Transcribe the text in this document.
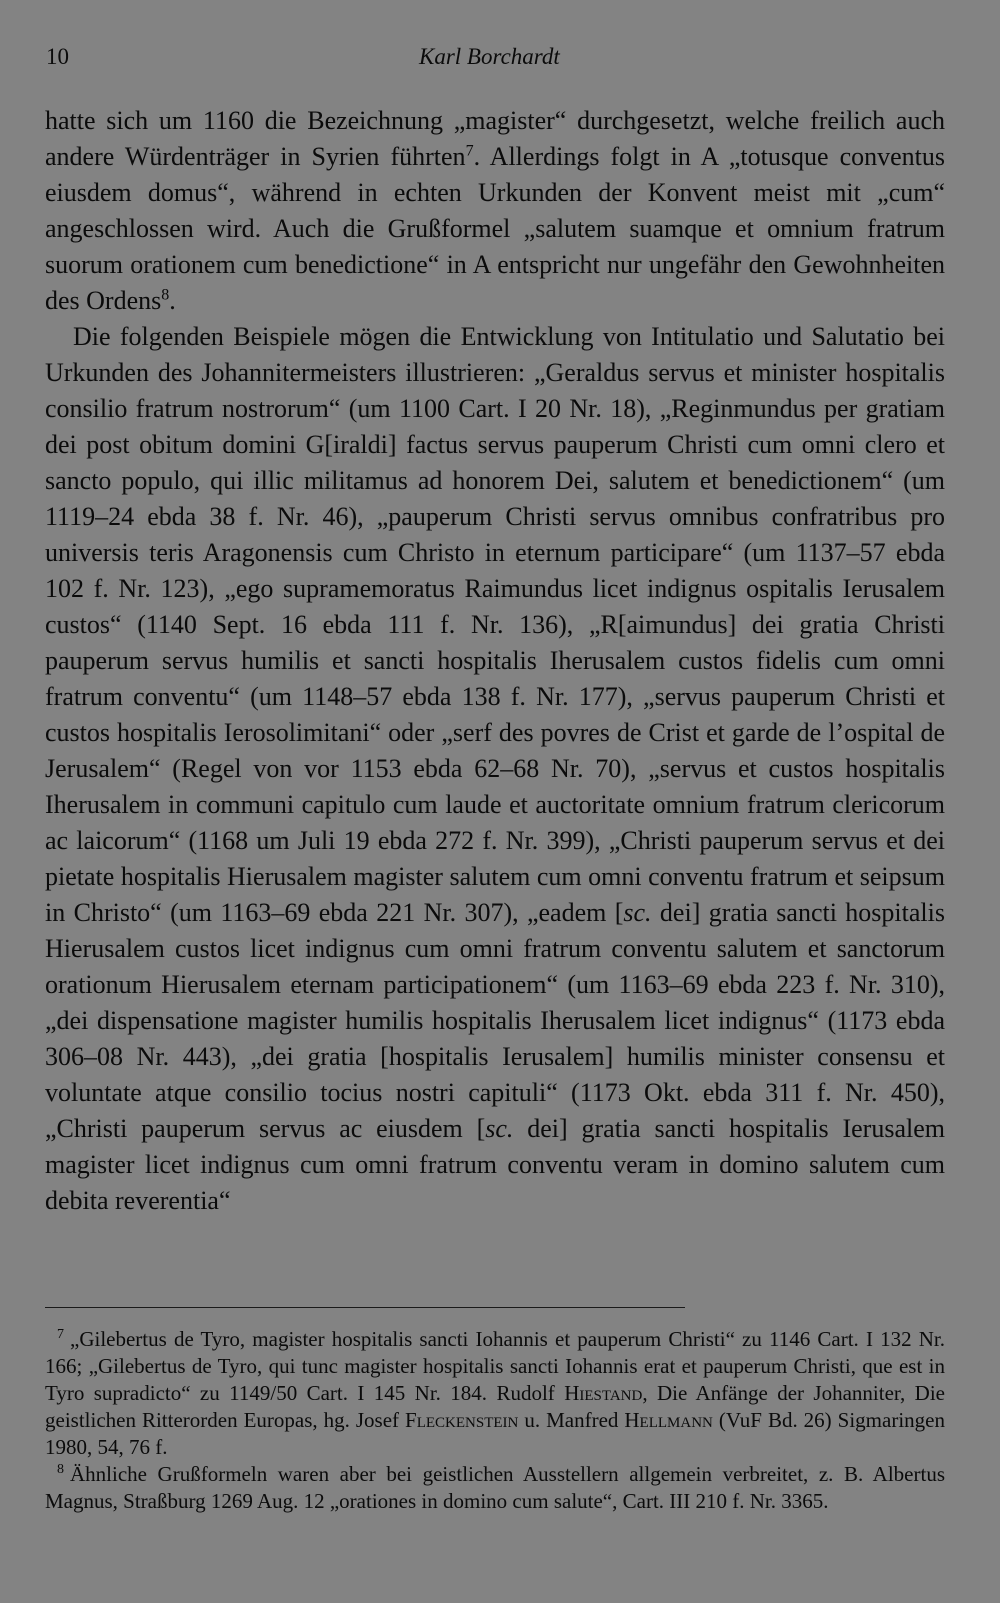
10	Karl Borchardt

hatte sich um 1160 die Bezeichnung „magister“ durchgesetzt, welche freilich auch andere Würdenträger in Syrien führten$^7$. Allerdings folgt in A „totusque conventus eiusdem domus“, während in echten Urkunden der Konvent meist mit „cum“ angeschlossen wird. Auch die Grußformel „salutem suamque et omnium fratrum suorum orationem cum benedictione“ in A entspricht nur ungefähr den Gewohnheiten des Ordens$^8$.

Die folgenden Beispiele mögen die Entwicklung von Intitulatio und Salutatio bei Urkunden des Johannitermeisters illustrieren: „Geraldus servus et minister hospitalis consilio fratrum nostrorum“ (um 1100 Cart. I 20 Nr. 18), „Reginmundus per gratiam dei post obitum domini G[iraldi] factus servus pauperum Christi cum omni clero et sancto populo, qui illic militamus ad honorem Dei, salutem et benedictionem“ (um 1119–24 ebda 38 f. Nr. 46), „pauperum Christi servus omnibus confratribus pro universis teris Aragonensis cum Christo in eternum participare“ (um 1137–57 ebda 102 f. Nr. 123), „ego supramemoratus Raimundus licet indignus ospitalis Ierusalem custos“ (1140 Sept. 16 ebda 111 f. Nr. 136), „R[aimundus] dei gratia Christi pauperum servus humilis et sancti hospitalis Iherusalem custos fidelis cum omni fratrum conventu“ (um 1148–57 ebda 138 f. Nr. 177), „servus pauperum Christi et custos hospitalis Ierosolimitani“ oder „serf des povres de Crist et garde de l’ospital de Jerusalem“ (Regel von vor 1153 ebda 62–68 Nr. 70), „servus et custos hospitalis Iherusalem in communi capitulo cum laude et auctoritate omnium fratrum clericorum ac laicorum“ (1168 um Juli 19 ebda 272 f. Nr. 399), „Christi pauperum servus et dei pietate hospitalis Hierusalem magister salutem cum omni conventu fratrum et seipsum in Christo“ (um 1163–69 ebda 221 Nr. 307), „eadem [sc. dei] gratia sancti hospitalis Hierusalem custos licet indignus cum omni fratrum conventu salutem et sanctorum orationum Hierusalem eternam participationem“ (um 1163–69 ebda 223 f. Nr. 310), „dei dispensatione magister humilis hospitalis Iherusalem licet indignus“ (1173 ebda 306–08 Nr. 443), „dei gratia [hospitalis Ierusalem] humilis minister consensu et voluntate atque consilio tocius nostri capituli“ (1173 Okt. ebda 311 f. Nr. 450), „Christi pauperum servus ac eiusdem [sc. dei] gratia sancti hospitalis Ierusalem magister licet indignus cum omni fratrum conventu veram in domino salutem cum debita reverentia“

$^7$ „Gilebertus de Tyro, magister hospitalis sancti Iohannis et pauperum Christi“ zu 1146 Cart. I 132 Nr. 166; „Gilebertus de Tyro, qui tunc magister hospitalis sancti Iohannis erat et pauperum Christi, que est in Tyro supradicto“ zu 1149/50 Cart. I 145 Nr. 184. Rudolf Hiestand, Die Anfänge der Johanniter, Die geistlichen Ritterorden Europas, hg. Josef Fleckenstein u. Manfred Hellmann (VuF Bd. 26) Sigmaringen 1980, 54, 76 f.

$^8$ Ähnliche Grußformeln waren aber bei geistlichen Ausstellern allgemein verbreitet, z. B. Albertus Magnus, Straßburg 1269 Aug. 12 „orationes in domino cum salute“, Cart. III 210 f. Nr. 3365.
